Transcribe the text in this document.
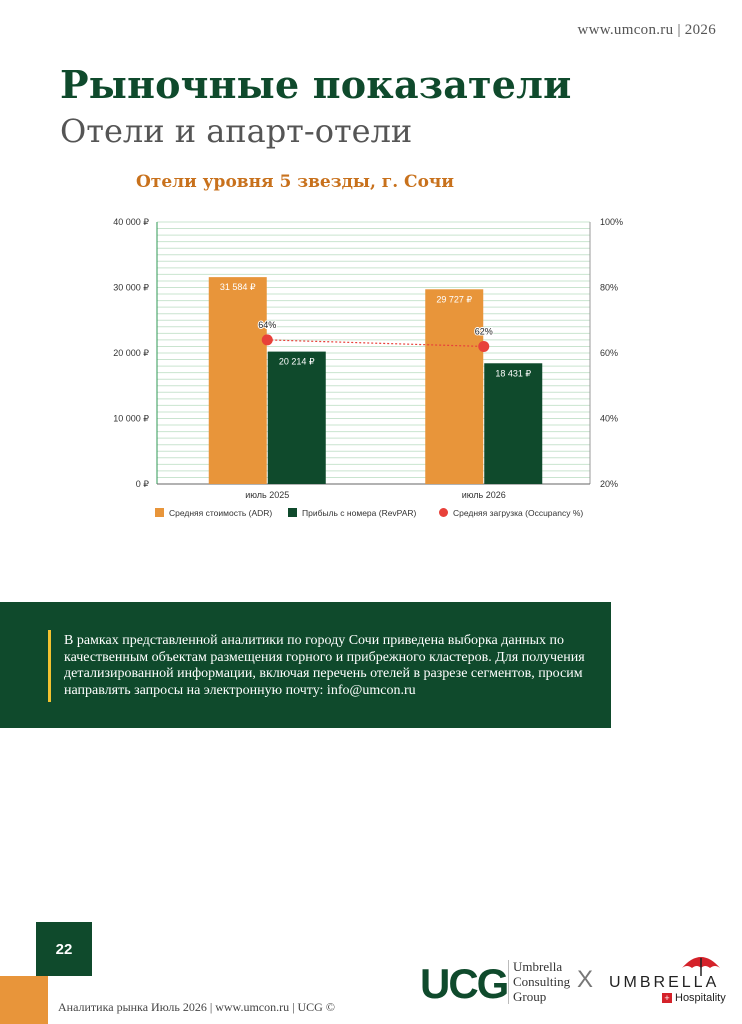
www.umcon.ru | 2026
Рыночные показатели
Отели и апарт-отели
Отели уровня 5 звезды, г. Сочи
0 ₽
10 000 ₽
20 000 ₽
30 000 ₽
40 000 ₽
20%
40%
60%
80%
100%
31 584 ₽
20 214 ₽
июль 2025
29 727 ₽
18 431 ₽
июль 2026
64%
62%
Средняя стоимость (ADR)	Прибыль с номера (RevPAR)	Средняя загрузка (Occupancy %)
В рамках представленной аналитики по городу Сочи приведена выборка данных по качественным объектам размещения горного и прибрежного кластеров. Для получения детализированной информации, включая перечень отелей в разрезе сегментов, просим направлять запросы на электронную почту: info@umcon.ru
22
Аналитика рынка Июль 2026 | www.umcon.ru | UCG © UCG Umbrella
Consulting
Group
X UMBRELLA
+ Hospitality
